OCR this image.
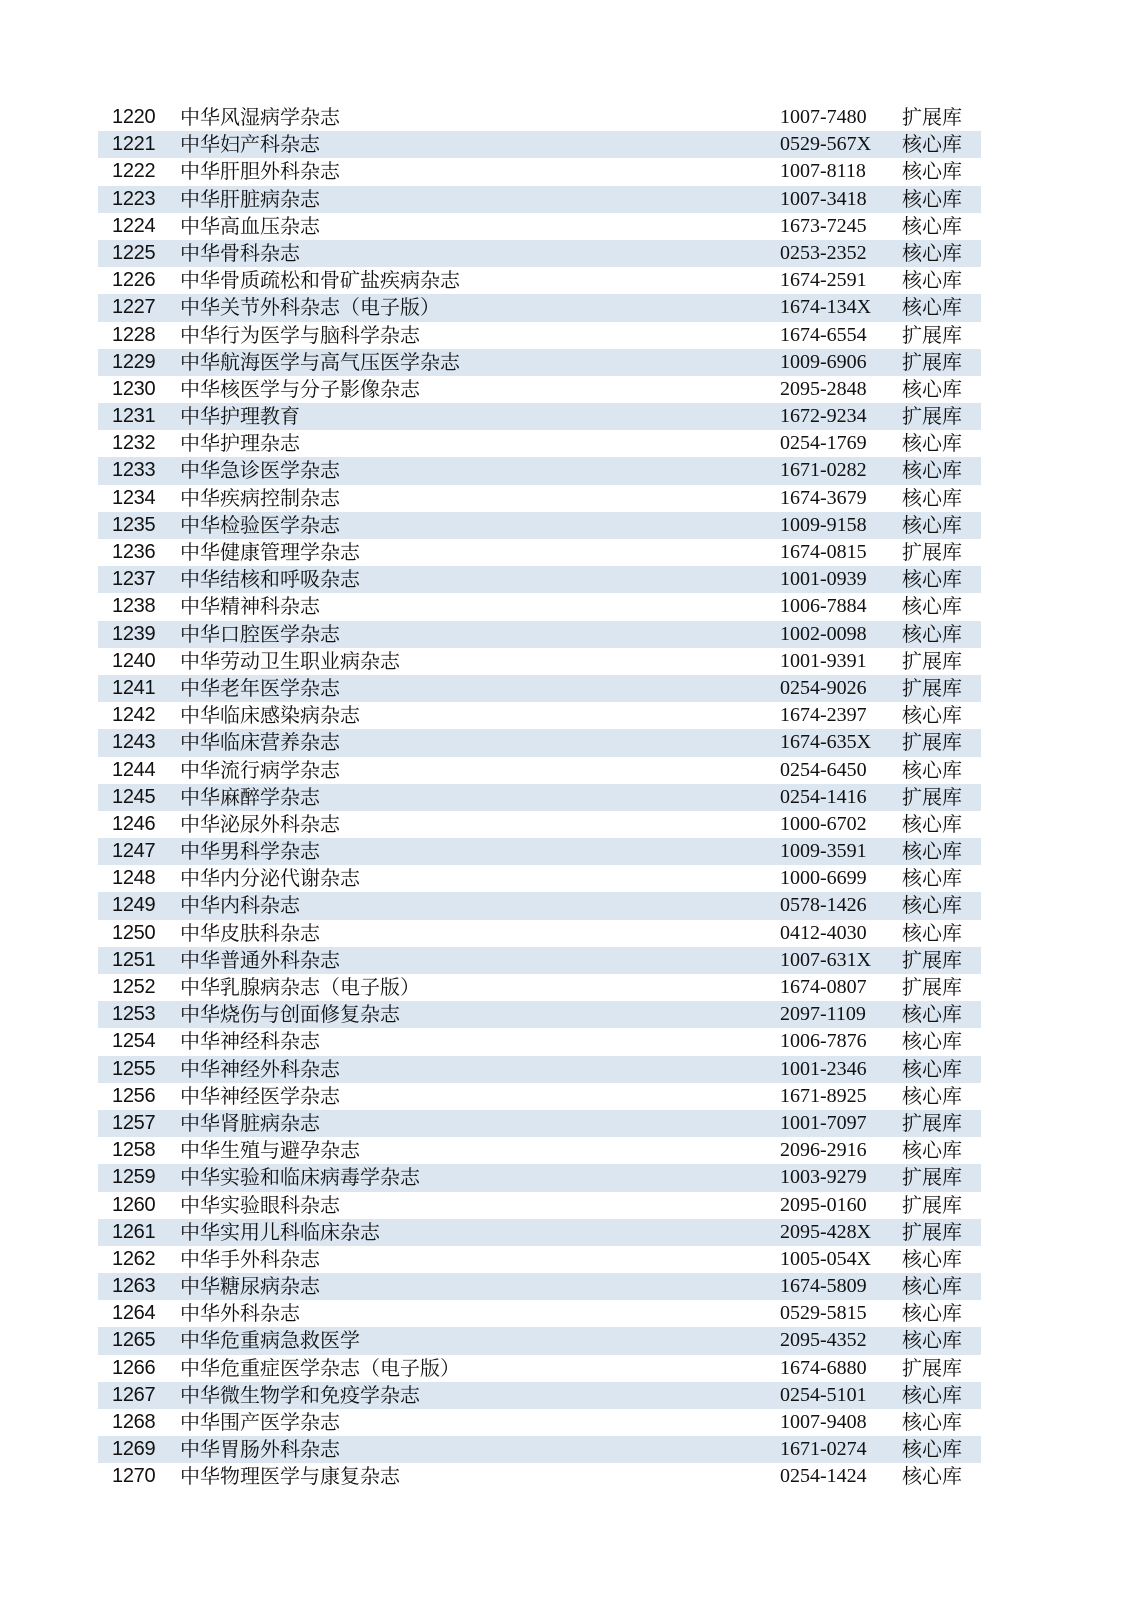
1220	中华风湿病学杂志	1007-7480 扩展库
1221	中华妇产科杂志	0529-567X 核心库
1222	中华肝胆外科杂志	1007-8118 核心库
1223	中华肝脏病杂志	1007-3418 核心库
1224	中华高血压杂志	1673-7245 核心库
1225	中华骨科杂志	0253-2352 核心库
1226	中华骨质疏松和骨矿盐疾病杂志	1674-2591 核心库
1227	中华关节外科杂志（电子版）	1674-134X 核心库
1228	中华行为医学与脑科学杂志	1674-6554 扩展库
1229	中华航海医学与高气压医学杂志	1009-6906 扩展库
1230	中华核医学与分子影像杂志	2095-2848 核心库
1231	中华护理教育	1672-9234 扩展库
1232	中华护理杂志	0254-1769 核心库
1233	中华急诊医学杂志	1671-0282 核心库
1234	中华疾病控制杂志	1674-3679 核心库
1235	中华检验医学杂志	1009-9158 核心库
1236	中华健康管理学杂志	1674-0815 扩展库
1237	中华结核和呼吸杂志	1001-0939 核心库
1238	中华精神科杂志	1006-7884 核心库
1239	中华口腔医学杂志	1002-0098 核心库
1240	中华劳动卫生职业病杂志	1001-9391 扩展库
1241	中华老年医学杂志	0254-9026 扩展库
1242	中华临床感染病杂志	1674-2397 核心库
1243	中华临床营养杂志	1674-635X 扩展库
1244	中华流行病学杂志	0254-6450 核心库
1245	中华麻醉学杂志	0254-1416 扩展库
1246	中华泌尿外科杂志	1000-6702 核心库
1247	中华男科学杂志	1009-3591 核心库
1248	中华内分泌代谢杂志	1000-6699 核心库
1249	中华内科杂志	0578-1426 核心库
1250	中华皮肤科杂志	0412-4030 核心库
1251	中华普通外科杂志	1007-631X 扩展库
1252	中华乳腺病杂志（电子版）	1674-0807 扩展库
1253	中华烧伤与创面修复杂志	2097-1109 核心库
1254	中华神经科杂志	1006-7876 核心库
1255	中华神经外科杂志	1001-2346 核心库
1256	中华神经医学杂志	1671-8925 核心库
1257	中华肾脏病杂志	1001-7097 扩展库
1258	中华生殖与避孕杂志	2096-2916 核心库
1259	中华实验和临床病毒学杂志	1003-9279 扩展库
1260	中华实验眼科杂志	2095-0160 扩展库
1261	中华实用儿科临床杂志	2095-428X 扩展库
1262	中华手外科杂志	1005-054X 核心库
1263	中华糖尿病杂志	1674-5809 核心库
1264	中华外科杂志	0529-5815 核心库
1265	中华危重病急救医学	2095-4352 核心库
1266	中华危重症医学杂志（电子版）	1674-6880 扩展库
1267	中华微生物学和免疫学杂志	0254-5101 核心库
1268	中华围产医学杂志	1007-9408 核心库
1269	中华胃肠外科杂志	1671-0274 核心库
1270	中华物理医学与康复杂志	0254-1424 核心库
